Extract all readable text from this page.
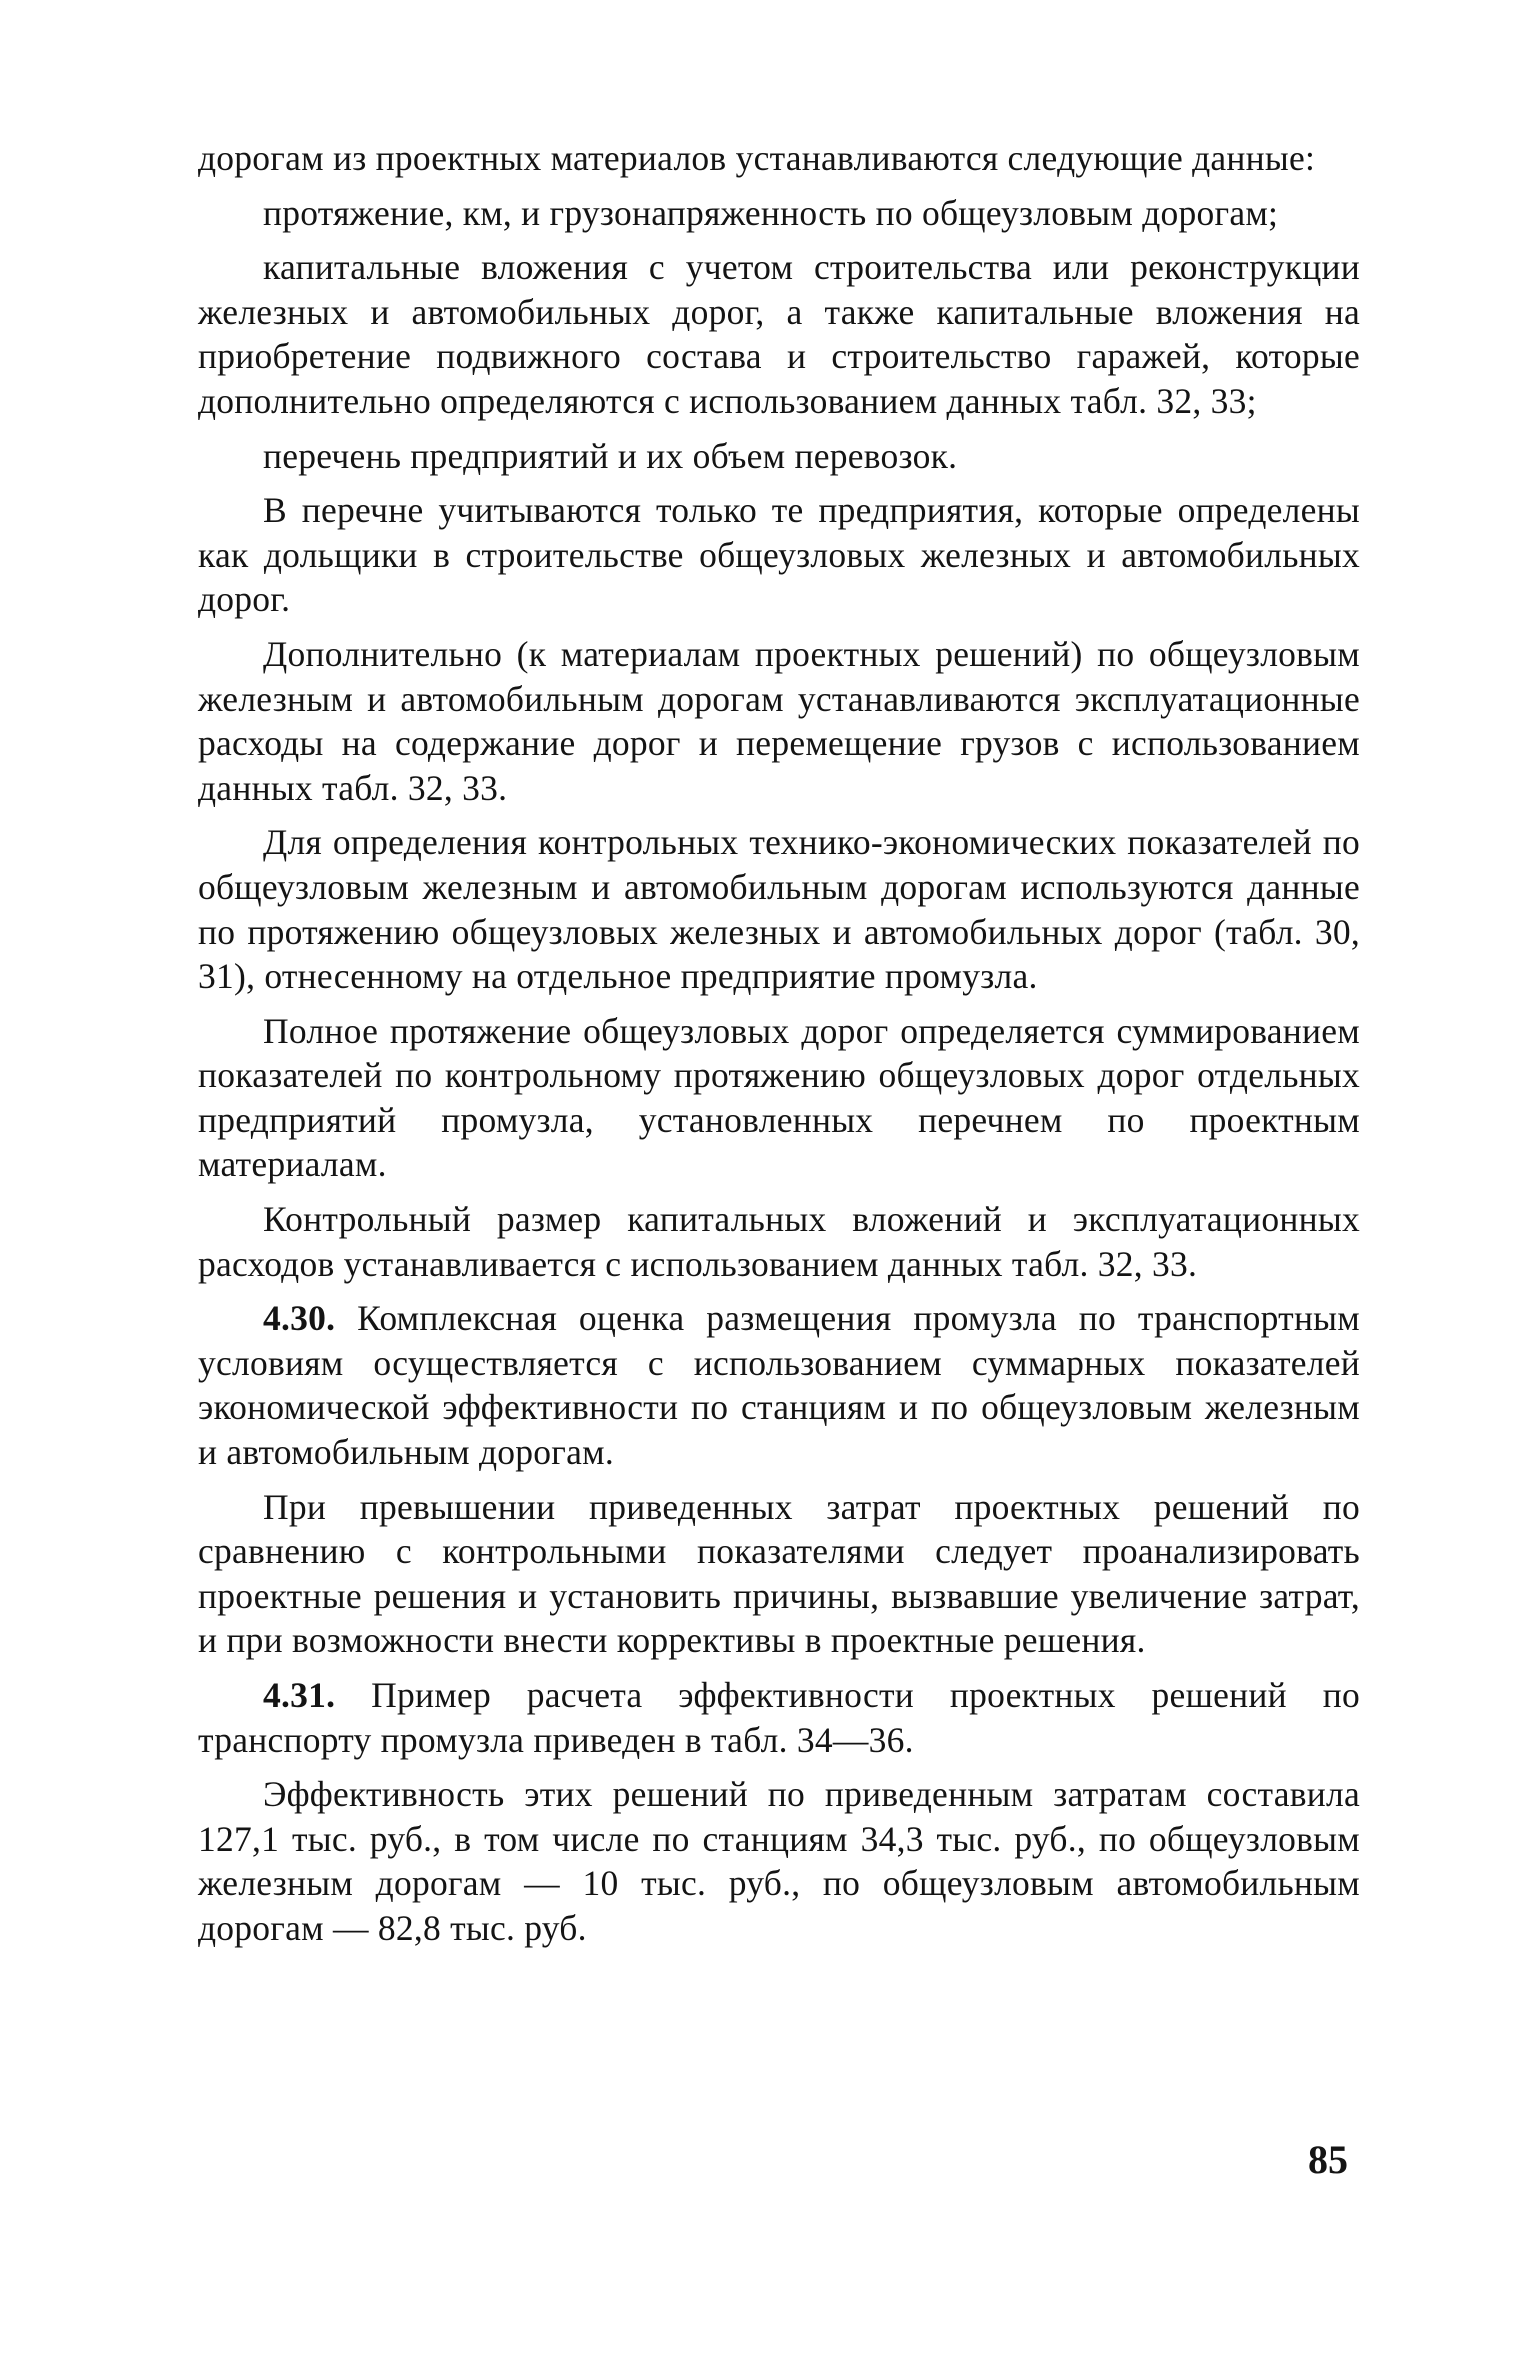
дорогам из проектных материалов устанавливаются следующие данные:

протяжение, км, и грузонапряженность по общеузловым дорогам;

капитальные вложения с учетом строительства или реконструкции железных и автомобильных дорог, а также капитальные вложения на приобретение подвижного состава и строительство гаражей, которые дополнительно определяются с использованием данных табл. 32, 33;

перечень предприятий и их объем перевозок.

В перечне учитываются только те предприятия, которые определены как дольщики в строительстве общеузловых железных и автомобильных дорог.

Дополнительно (к материалам проектных решений) по общеузловым железным и автомобильным дорогам устанавливаются эксплуатационные расходы на содержание дорог и перемещение грузов с использованием данных табл. 32, 33.

Для определения контрольных технико-экономических показателей по общеузловым железным и автомобильным дорогам используются данные по протяжению общеузловых железных и автомобильных дорог (табл. 30, 31), отнесенному на отдельное предприятие промузла.

Полное протяжение общеузловых дорог определяется суммированием показателей по контрольному протяжению общеузловых дорог отдельных предприятий промузла, установленных перечнем по проектным материалам.

Контрольный размер капитальных вложений и эксплуатационных расходов устанавливается с использованием данных табл. 32, 33.

4.30. Комплексная оценка размещения промузла по транспортным условиям осуществляется с использованием суммарных показателей экономической эффективности по станциям и по общеузловым железным и автомобильным дорогам.

При превышении приведенных затрат проектных решений по сравнению с контрольными показателями следует проанализировать проектные решения и установить причины, вызвавшие увеличение затрат, и при возможности внести коррективы в проектные решения.

4.31. Пример расчета эффективности проектных решений по транспорту промузла приведен в табл. 34—36.

Эффективность этих решений по приведенным затратам составила 127,1 тыс. руб., в том числе по станциям 34,3 тыс. руб., по общеузловым железным дорогам — 10 тыс. руб., по общеузловым автомобильным дорогам — 82,8 тыс. руб.

85
